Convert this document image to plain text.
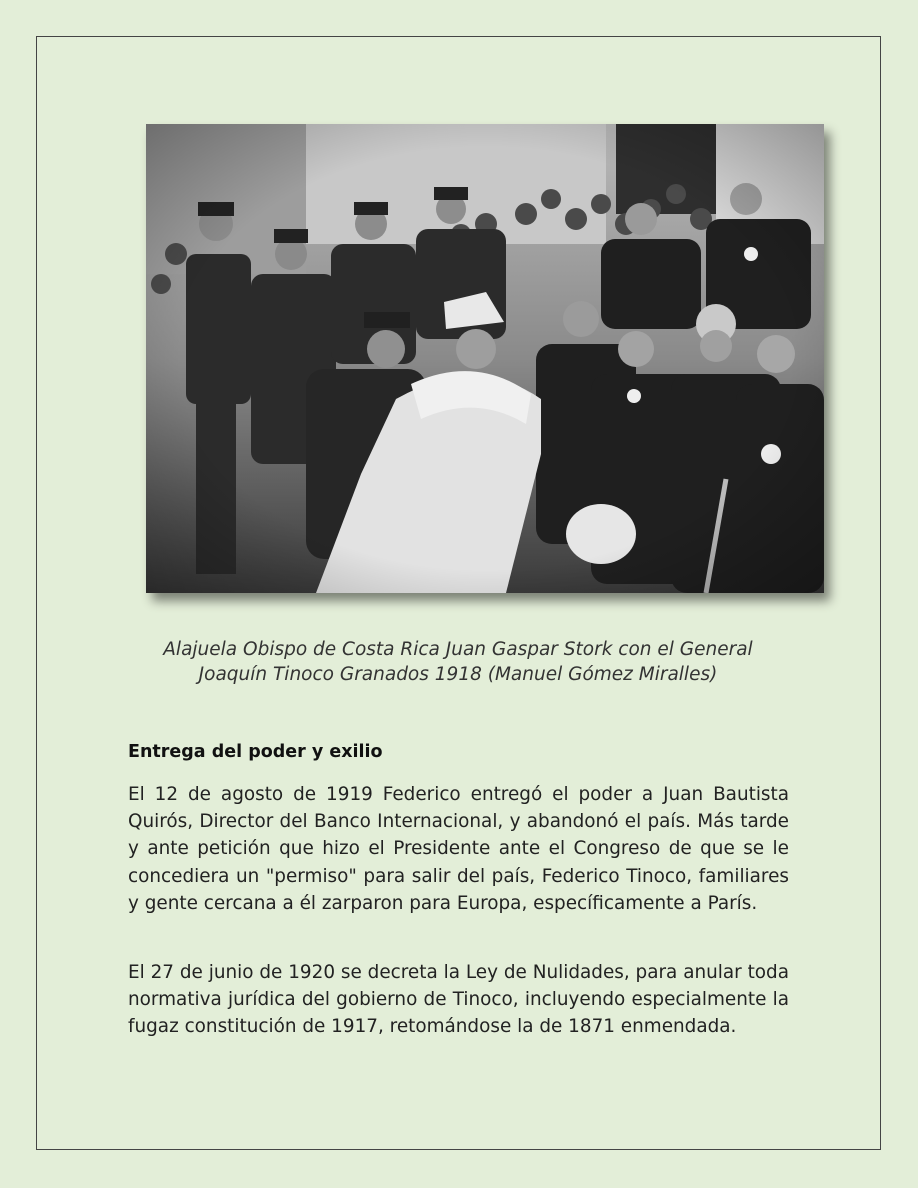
Alajuela Obispo de Costa Rica Juan Gaspar Stork con el General Joaquín Tinoco Granados 1918 (Manuel Gómez Miralles)
Entrega del poder y exilio

El 12 de agosto de 1919 Federico entregó el poder a Juan Bautista Quirós, Director del Banco Internacional, y abandonó el país. Más tarde y ante petición que hizo el Presidente ante el Congreso de que se le concediera un "permiso" para salir del país, Federico Tinoco, familiares y gente cercana a él zarparon para Europa, específicamente a París.

El 27 de junio de 1920 se decreta la Ley de Nulidades, para anular toda normativa jurídica del gobierno de Tinoco, incluyendo especialmente la fugaz constitución de 1917, retomándose la de 1871 enmendada.
